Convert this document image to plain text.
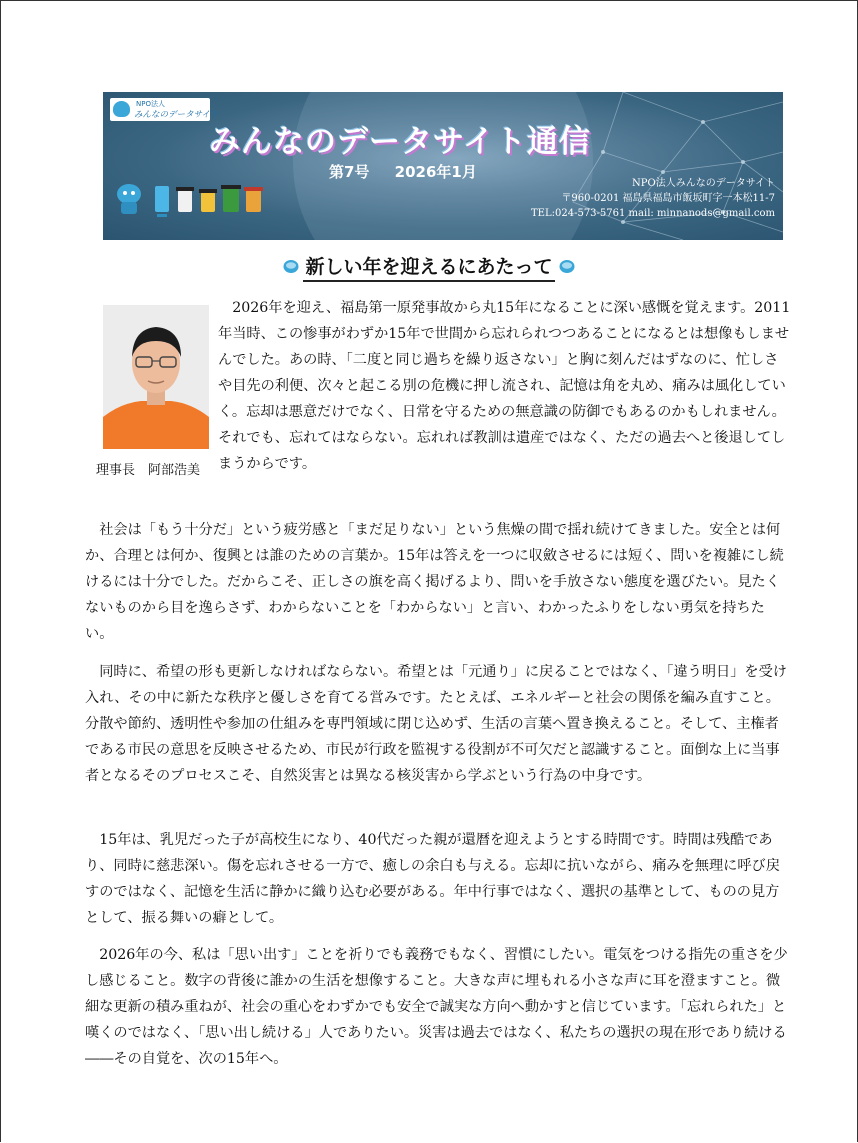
NPO法人
みんなのデータサイト
みんなのデータサイト通信
第7号 2026年1月
NPO法人みんなのデータサイト
〒960-0201 福島県福島市飯坂町字一本松11-7
TEL:024-573-5761 mail: minnanods@gmail.com
新しい年を迎えるにあたって
理事長　阿部浩美

　2026年を迎え、福島第一原発事故から丸15年になることに深い感慨を覚えます。2011年当時、この惨事がわずか15年で世間から忘れられつつあることになるとは想像もしませんでした。あの時、「二度と同じ過ちを繰り返さない」と胸に刻んだはずなのに、忙しさや目先の利便、次々と起こる別の危機に押し流され、記憶は角を丸め、痛みは風化していく。忘却は悪意だけでなく、日常を守るための無意識の防御でもあるのかもしれません。それでも、忘れてはならない。忘れれば教訓は遺産ではなく、ただの過去へと後退してしまうからです。

　社会は「もう十分だ」という疲労感と「まだ足りない」という焦燥の間で揺れ続けてきました。安全とは何か、合理とは何か、復興とは誰のための言葉か。15年は答えを一つに収斂させるには短く、問いを複雑にし続けるには十分でした。だからこそ、正しさの旗を高く掲げるより、問いを手放さない態度を選びたい。見たくないものから目を逸らさず、わからないことを「わからない」と言い、わかったふりをしない勇気を持ちたい。

　同時に、希望の形も更新しなければならない。希望とは「元通り」に戻ることではなく、「違う明日」を受け入れ、その中に新たな秩序と優しさを育てる営みです。たとえば、エネルギーと社会の関係を編み直すこと。分散や節約、透明性や参加の仕組みを専門領域に閉じ込めず、生活の言葉へ置き換えること。そして、主権者である市民の意思を反映させるため、市民が行政を監視する役割が不可欠だと認識すること。面倒な上に当事者となるそのプロセスこそ、自然災害とは異なる核災害から学ぶという行為の中身です。

　15年は、乳児だった子が高校生になり、40代だった親が還暦を迎えようとする時間です。時間は残酷であり、同時に慈悲深い。傷を忘れさせる一方で、癒しの余白も与える。忘却に抗いながら、痛みを無理に呼び戻すのではなく、記憶を生活に静かに織り込む必要がある。年中行事ではなく、選択の基準として、ものの見方として、振る舞いの癖として。

　2026年の今、私は「思い出す」ことを祈りでも義務でもなく、習慣にしたい。電気をつける指先の重さを少し感じること。数字の背後に誰かの生活を想像すること。大きな声に埋もれる小さな声に耳を澄ますこと。微細な更新の積み重ねが、社会の重心をわずかでも安全で誠実な方向へ動かすと信じています。「忘れられた」と嘆くのではなく、「思い出し続ける」人でありたい。災害は過去ではなく、私たちの選択の現在形であり続ける――その自覚を、次の15年へ。
